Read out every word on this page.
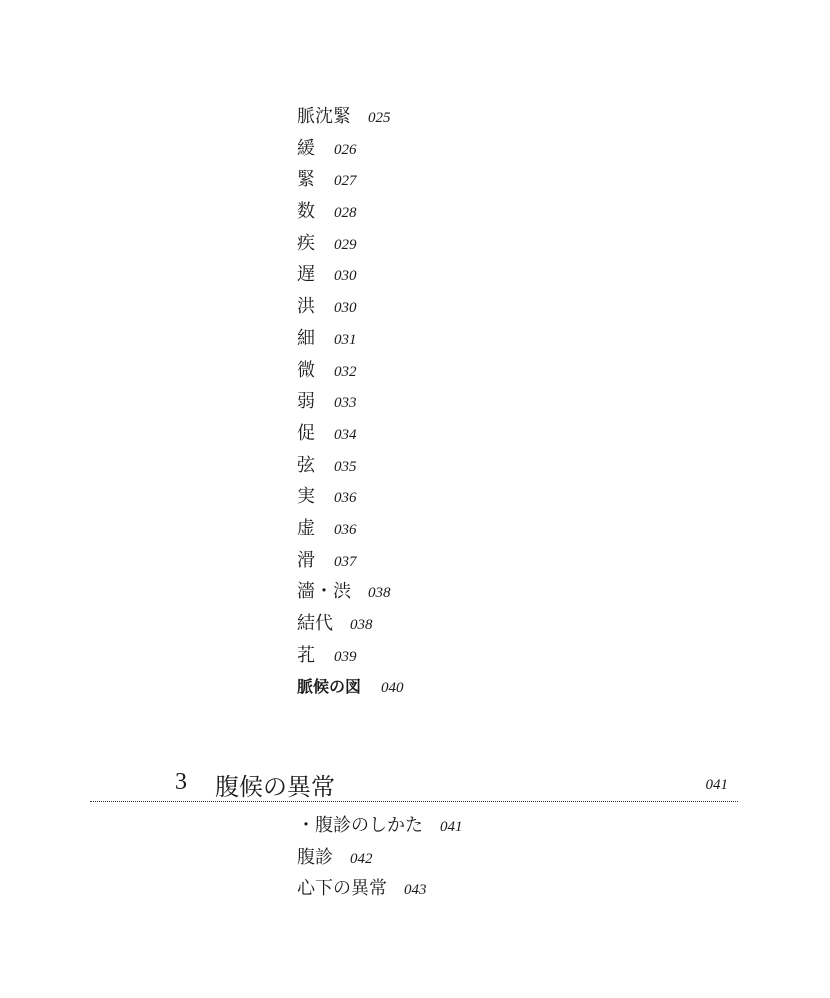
脈沈緊 025
緩 026
緊 027
数 028
疾 029
遅 030
洪 030
細 031
微 032
弱 033
促 034
弦 035
実 036
虚 036
滑 037
濇・渋 038
結代 038
芤 039
脈候の図 040
3 腹候の異常	041
・腹診のしかた 041
腹診 042
心下の異常 043
